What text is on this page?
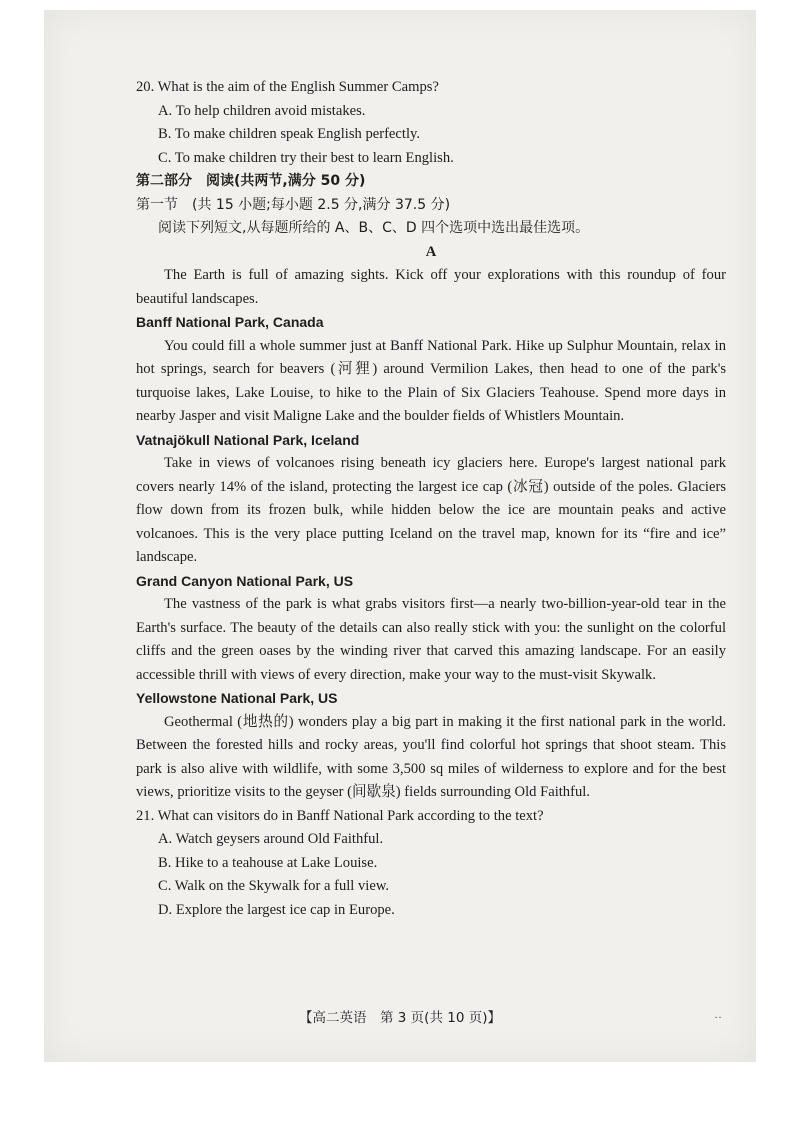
20. What is the aim of the English Summer Camps?

A. To help children avoid mistakes.

B. To make children speak English perfectly.

C. To make children try their best to learn English.

第二部分　阅读(共两节,满分 50 分)

第一节　(共 15 小题;每小题 2.5 分,满分 37.5 分)

阅读下列短文,从每题所给的 A、B、C、D 四个选项中选出最佳选项。

A

The Earth is full of amazing sights. Kick off your explorations with this roundup of four beautiful landscapes.

Banff National Park, Canada

You could fill a whole summer just at Banff National Park. Hike up Sulphur Mountain, relax in hot springs, search for beavers (河狸) around Vermilion Lakes, then head to one of the park's turquoise lakes, Lake Louise, to hike to the Plain of Six Glaciers Teahouse. Spend more days in nearby Jasper and visit Maligne Lake and the boulder fields of Whistlers Mountain.

Vatnajökull National Park, Iceland

Take in views of volcanoes rising beneath icy glaciers here. Europe's largest national park covers nearly 14% of the island, protecting the largest ice cap (冰冠) outside of the poles. Glaciers flow down from its frozen bulk, while hidden below the ice are mountain peaks and active volcanoes. This is the very place putting Iceland on the travel map, known for its “fire and ice” landscape.

Grand Canyon National Park, US

The vastness of the park is what grabs visitors first—a nearly two-billion-year-old tear in the Earth's surface. The beauty of the details can also really stick with you: the sunlight on the colorful cliffs and the green oases by the winding river that carved this amazing landscape. For an easily accessible thrill with views of every direction, make your way to the must-visit Skywalk.

Yellowstone National Park, US

Geothermal (地热的) wonders play a big part in making it the first national park in the world. Between the forested hills and rocky areas, you'll find colorful hot springs that shoot steam. This park is also alive with wildlife, with some 3,500 sq miles of wilderness to explore and for the best views, prioritize visits to the geyser (间歇泉) fields surrounding Old Faithful.

21. What can visitors do in Banff National Park according to the text?

A. Watch geysers around Old Faithful.

B. Hike to a teahouse at Lake Louise.

C. Walk on the Skywalk for a full view.

D. Explore the largest ice cap in Europe.

【高二英语　第 3 页(共 10 页)】	··
